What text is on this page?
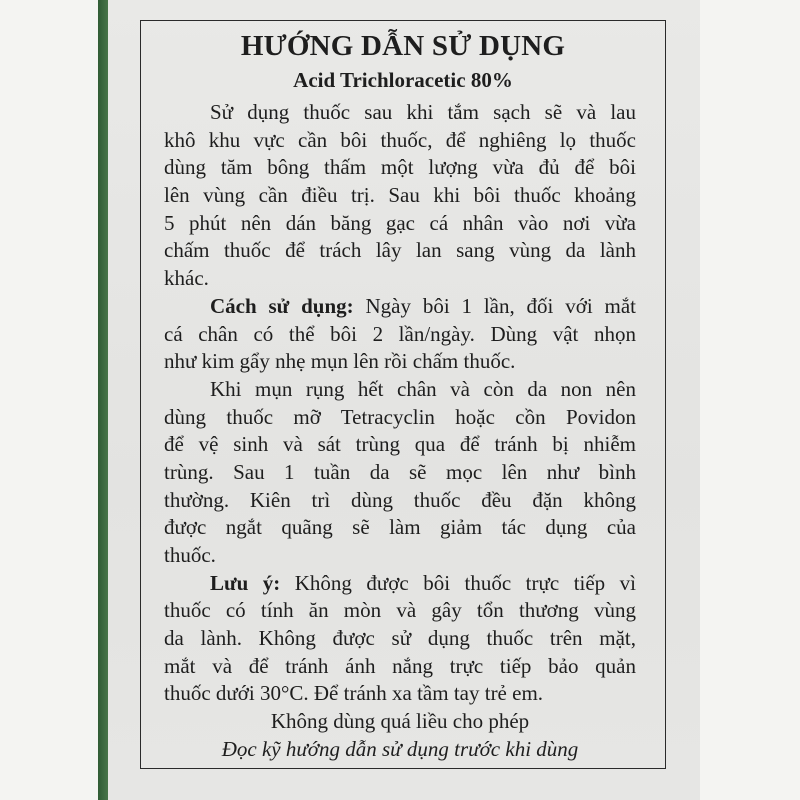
HƯỚNG DẪN SỬ DỤNG
Acid Trichloracetic 80%
Sử dụng thuốc sau khi tắm sạch sẽ và lau
khô khu vực cần bôi thuốc, để nghiêng lọ thuốc
dùng tăm bông thấm một lượng vừa đủ để bôi
lên vùng cần điều trị. Sau khi bôi thuốc khoảng
5 phút nên dán băng gạc cá nhân vào nơi vừa
chấm thuốc để trách lây lan sang vùng da lành
khác.
Cách sử dụng: Ngày bôi 1 lần, đối với mắt
cá chân có thể bôi 2 lần/ngày. Dùng vật nhọn
như kim gẩy nhẹ mụn lên rồi chấm thuốc.
Khi mụn rụng hết chân và còn da non nên
dùng thuốc mỡ Tetracyclin hoặc cồn Povidon
để vệ sinh và sát trùng qua để tránh bị nhiễm
trùng. Sau 1 tuần da sẽ mọc lên như bình
thường. Kiên trì dùng thuốc đều đặn không
được ngắt quãng sẽ làm giảm tác dụng của
thuốc.
Lưu ý: Không được bôi thuốc trực tiếp vì
thuốc có tính ăn mòn và gây tổn thương vùng
da lành. Không được sử dụng thuốc trên mặt,
mắt và để tránh ánh nắng trực tiếp bảo quản
thuốc dưới 30°C. Để tránh xa tầm tay trẻ em.
Không dùng quá liều cho phép
Đọc kỹ hướng dẫn sử dụng trước khi dùng
